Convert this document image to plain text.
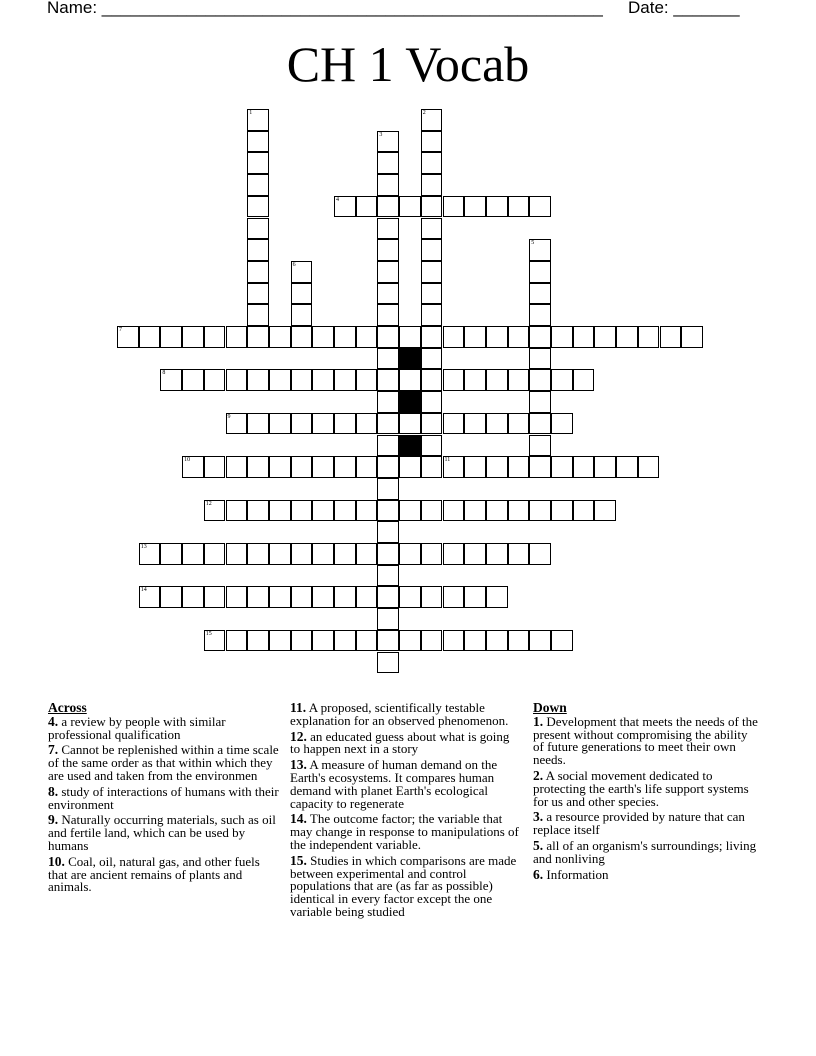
Name: _____________________________________________________ Date: _______
CH 1 Vocab
1	2
3
4
5
6
7
8
9
10	11
12
13
14
15
Across
4. a review by people with similar professional qualification
7. Cannot be replenished within a time scale of the same order as that within which they are used and taken from the environmen
8. study of interactions of humans with their environment
9. Naturally occurring materials, such as oil and fertile land, which can be used by humans
10. Coal, oil, natural gas, and other fuels that are ancient remains of plants and animals.
11. A proposed, scientifically testable explanation for an observed phenomenon.
12. an educated guess about what is going to happen next in a story
13. A measure of human demand on the Earth's ecosystems. It compares human demand with planet Earth's ecological capacity to regenerate
14. The outcome factor; the variable that may change in response to manipulations of the independent variable.
15. Studies in which comparisons are made between experimental and control populations that are (as far as possible) identical in every factor except the one variable being studied
Down
1. Development that meets the needs of the present without compromising the ability of future generations to meet their own needs.
2. A social movement dedicated to protecting the earth's life support systems for us and other species.
3. a resource provided by nature that can replace itself
5. all of an organism's surroundings; living and nonliving
6. Information
